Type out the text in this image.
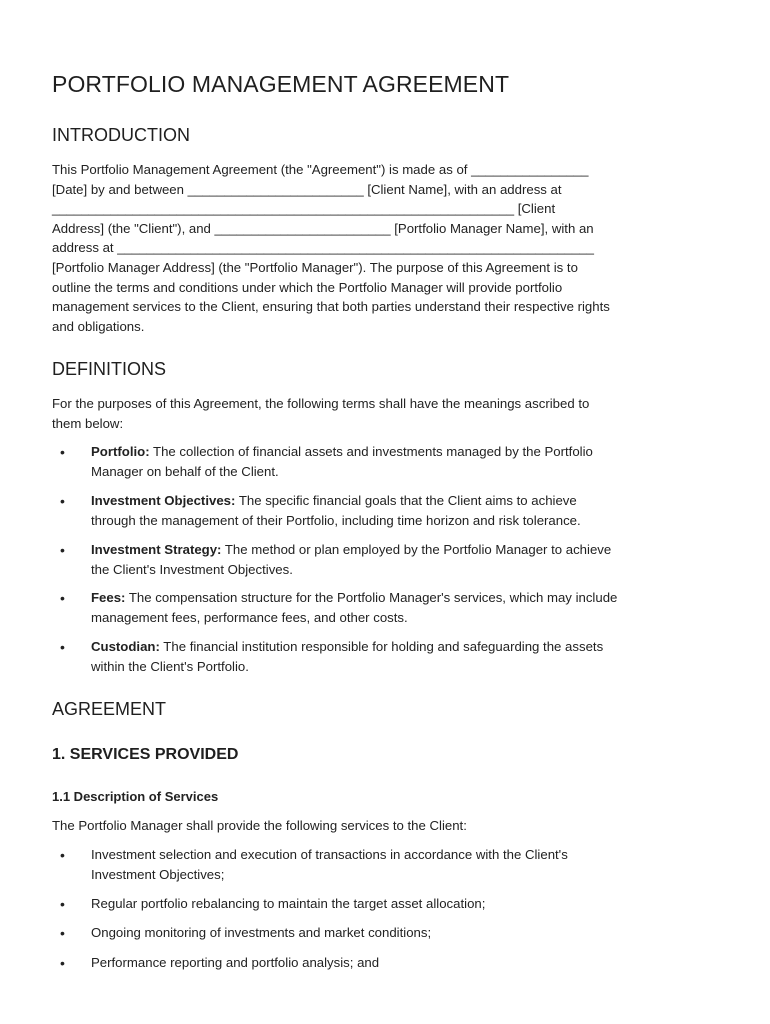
PORTFOLIO MANAGEMENT AGREEMENT
INTRODUCTION
This Portfolio Management Agreement (the "Agreement") is made as of ________________
[Date] by and between ________________________ [Client Name], with an address at
_______________________________________________________________ [Client
Address] (the "Client"), and ________________________ [Portfolio Manager Name], with an
address at _________________________________________________________________
[Portfolio Manager Address] (the "Portfolio Manager"). The purpose of this Agreement is to
outline the terms and conditions under which the Portfolio Manager will provide portfolio
management services to the Client, ensuring that both parties understand their respective rights
and obligations.
DEFINITIONS
For the purposes of this Agreement, the following terms shall have the meanings ascribed to
them below:
• Portfolio: The collection of financial assets and investments managed by the Portfolio
Manager on behalf of the Client.
• Investment Objectives: The specific financial goals that the Client aims to achieve
through the management of their Portfolio, including time horizon and risk tolerance.
• Investment Strategy: The method or plan employed by the Portfolio Manager to achieve
the Client's Investment Objectives.
• Fees: The compensation structure for the Portfolio Manager's services, which may include
management fees, performance fees, and other costs.
• Custodian: The financial institution responsible for holding and safeguarding the assets
within the Client's Portfolio.
AGREEMENT
1. SERVICES PROVIDED
1.1 Description of Services
The Portfolio Manager shall provide the following services to the Client:
• Investment selection and execution of transactions in accordance with the Client's
Investment Objectives;
• Regular portfolio rebalancing to maintain the target asset allocation;
• Ongoing monitoring of investments and market conditions;
• Performance reporting and portfolio analysis; and
